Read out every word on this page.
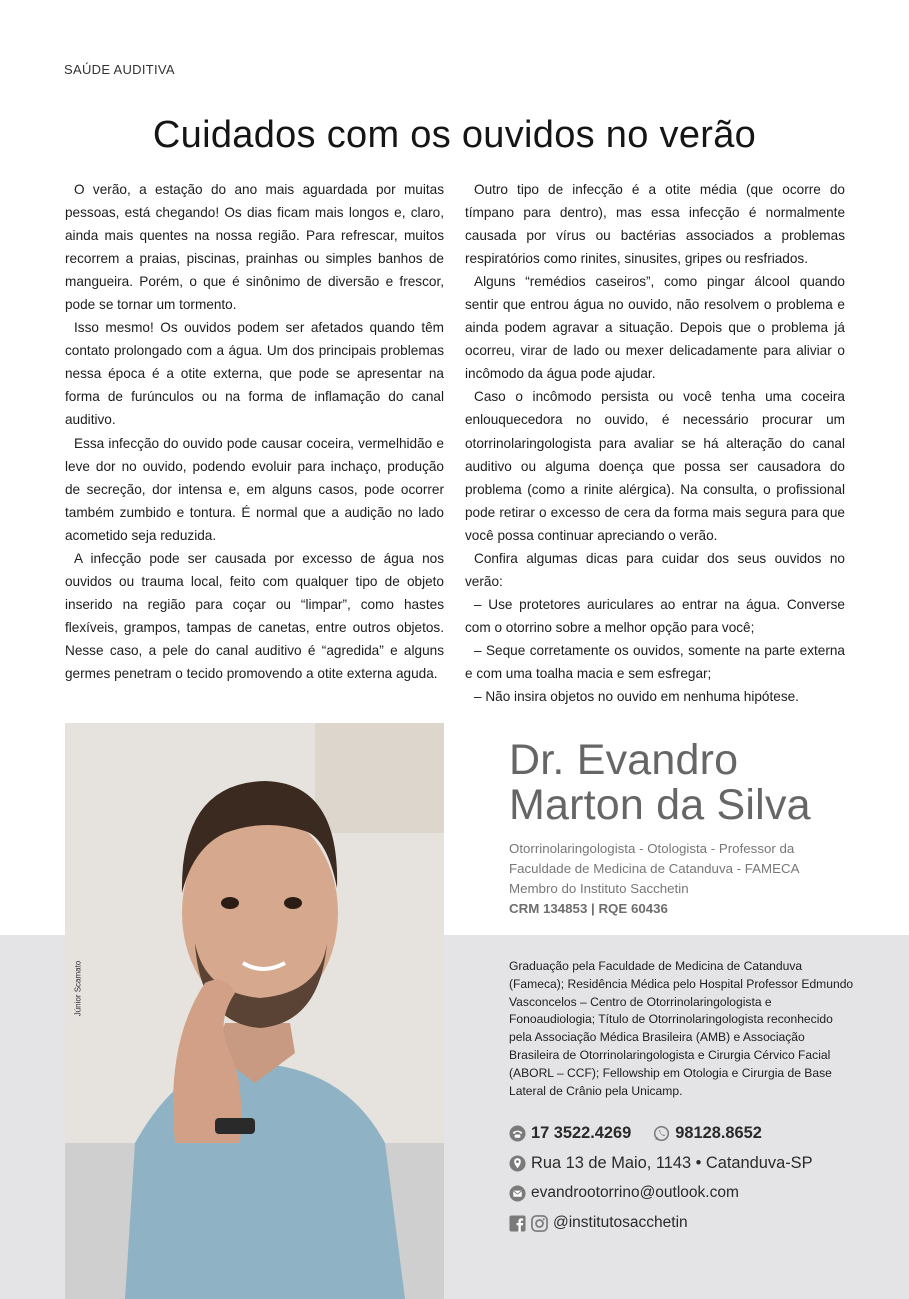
SAÚDE AUDITIVA
Cuidados com os ouvidos no verão

O verão, a estação do ano mais aguardada por muitas pessoas, está chegando! Os dias ficam mais longos e, claro, ainda mais quentes na nossa região. Para refrescar, muitos recorrem a praias, piscinas, prainhas ou simples banhos de mangueira. Porém, o que é sinônimo de diversão e frescor, pode se tornar um tormento.

Isso mesmo! Os ouvidos podem ser afetados quando têm contato prolongado com a água. Um dos principais problemas nessa época é a otite externa, que pode se apresentar na forma de furúnculos ou na forma de inflamação do canal auditivo.

Essa infecção do ouvido pode causar coceira, vermelhidão e leve dor no ouvido, podendo evoluir para inchaço, produção de secreção, dor intensa e, em alguns casos, pode ocorrer também zumbido e tontura. É normal que a audição no lado acometido seja reduzida.

A infecção pode ser causada por excesso de água nos ouvidos ou trauma local, feito com qualquer tipo de objeto inserido na região para coçar ou “limpar”, como hastes flexíveis, grampos, tampas de canetas, entre outros objetos. Nesse caso, a pele do canal auditivo é “agredida” e alguns germes penetram o tecido promovendo a otite externa aguda.

Outro tipo de infecção é a otite média (que ocorre do tímpano para dentro), mas essa infecção é normalmente causada por vírus ou bactérias associados a problemas respiratórios como rinites, sinusites, gripes ou resfriados.

Alguns “remédios caseiros”, como pingar álcool quando sentir que entrou água no ouvido, não resolvem o problema e ainda podem agravar a situação. Depois que o problema já ocorreu, virar de lado ou mexer delicadamente para aliviar o incômodo da água pode ajudar.

Caso o incômodo persista ou você tenha uma coceira enlouquecedora no ouvido, é necessário procurar um otorrinolaringologista para avaliar se há alteração do canal auditivo ou alguma doença que possa ser causadora do problema (como a rinite alérgica). Na consulta, o profissional pode retirar o excesso de cera da forma mais segura para que você possa continuar apreciando o verão.

Confira algumas dicas para cuidar dos seus ouvidos no verão:

– Use protetores auriculares ao entrar na água. Converse com o otorrino sobre a melhor opção para você;

– Seque corretamente os ouvidos, somente na parte externa e com uma toalha macia e sem esfregar;

– Não insira objetos no ouvido em nenhuma hipótese.

Júnior Scamato
Dr. Evandro
Marton da Silva
Otorrinolaringologista - Otologista - Professor da
Faculdade de Medicina de Catanduva - FAMECA
Membro do Instituto Sacchetin
CRM 134853 | RQE 60436
Graduação pela Faculdade de Medicina de Catanduva (Fameca); Residência Médica pelo Hospital Professor Edmundo Vasconcelos – Centro de Otorrinolaringologista e Fonoaudiologia; Título de Otorrinolaringologista reconhecido pela Associação Médica Brasileira (AMB) e Associação Brasileira de Otorrinolaringologista e Cirurgia Cérvico Facial (ABORL – CCF); Fellowship em Otologia e Cirurgia de Base Lateral de Crânio pela Unicamp.
17 3522.4269	98128.8652
Rua 13 de Maio, 1143 • Catanduva-SP
evandrootorrino@outlook.com
@institutosacchetin
